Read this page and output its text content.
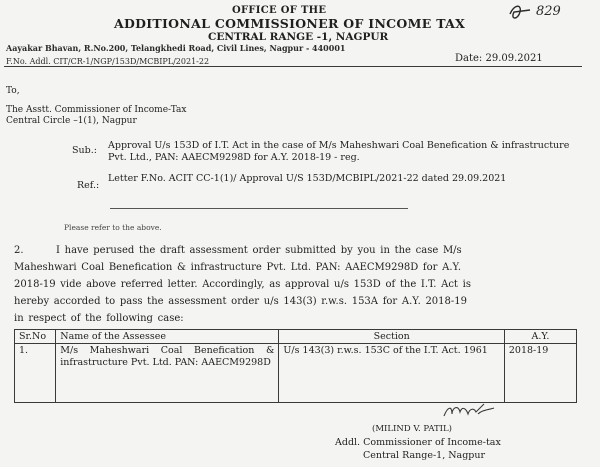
829
OFFICE OF THE
ADDITIONAL COMMISSIONER OF INCOME TAX
CENTRAL RANGE -1, NAGPUR
Aayakar Bhavan, R.No.200, Telangkhedi Road, Civil Lines, Nagpur - 440001
F.No. Addl. CIT/CR-1/NGP/153D/MCBIPL/2021-22	Date: 29.09.2021
To,
The Asstt. Commissioner of Income-Tax
Central Circle –1(1), Nagpur
Sub.: Approval U/s 153D of I.T. Act in the case of M/s Maheshwari Coal Benefication & infrastructure Pvt. Ltd., PAN: AAECM9298D for A.Y. 2018-19 - reg.
Ref.:
Letter F.No. ACIT CC-1(1)/ Approval U/S 153D/MCBIPL/2021-22 dated 29.09.2021
Please refer to the above.
2.	I have perused the draft assessment order submitted by you in the case M/s
Maheshwari Coal Benefication & infrastructure Pvt. Ltd. PAN: AAECM9298D for A.Y.
2018-19 vide above referred letter. Accordingly, as approval u/s 153D of the I.T. Act is
hereby accorded to pass the assessment order u/s 143(3) r.w.s. 153A for A.Y. 2018-19
in respect of the following case:
Sr.No	Name of the Assessee	Section	A.Y.
1.	M/s Maheshwari Coal Benefication & infrastructure Pvt. Ltd. PAN: AAECM9298D	U/s 143(3) r.w.s. 153C of the I.T. Act. 1961	2018-19
(MILIND V. PATIL)
Addl. Commissioner of Income-tax
Central Range-1, Nagpur
